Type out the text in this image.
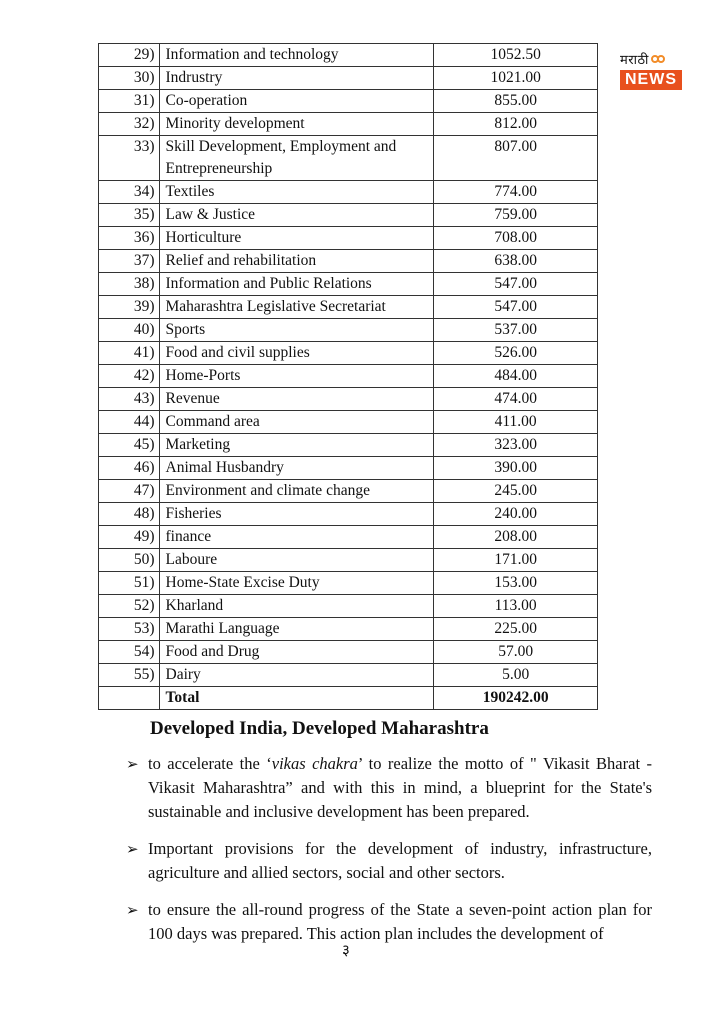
मराठी
NEWS
29)	Information and technology	1052.50
30)	Indrustry	1021.00
31)	Co-operation	855.00
32)	Minority development	812.00
33)	Skill Development, Employment and Entrepreneurship	807.00
34)	Textiles	774.00
35)	Law & Justice	759.00
36)	Horticulture	708.00
37)	Relief and rehabilitation	638.00
38)	Information and Public Relations	547.00
39)	Maharashtra Legislative Secretariat	547.00
40)	Sports	537.00
41)	Food and civil supplies	526.00
42)	Home-Ports	484.00
43)	Revenue	474.00
44)	Command area	411.00
45)	Marketing	323.00
46)	Animal Husbandry	390.00
47)	Environment and climate change	245.00
48)	Fisheries	240.00
49)	finance	208.00
50)	Laboure	171.00
51)	Home-State Excise Duty	153.00
52)	Kharland	113.00
53)	Marathi Language	225.00
54)	Food and Drug	57.00
55)	Dairy	5.00
	Total	190242.00
Developed India, Developed Maharashtra
➢ to accelerate the ‘vikas chakra’ to realize the motto of " Vikasit Bharat - Vikasit Maharashtra” and with this in mind, a blueprint for the State's sustainable and inclusive development has been prepared.
➢ Important provisions for the development of industry, infrastructure, agriculture and allied sectors, social and other sectors.
➢ to ensure the all-round progress of the State a seven-point action plan for 100 days was prepared. This action plan includes the development of
३
